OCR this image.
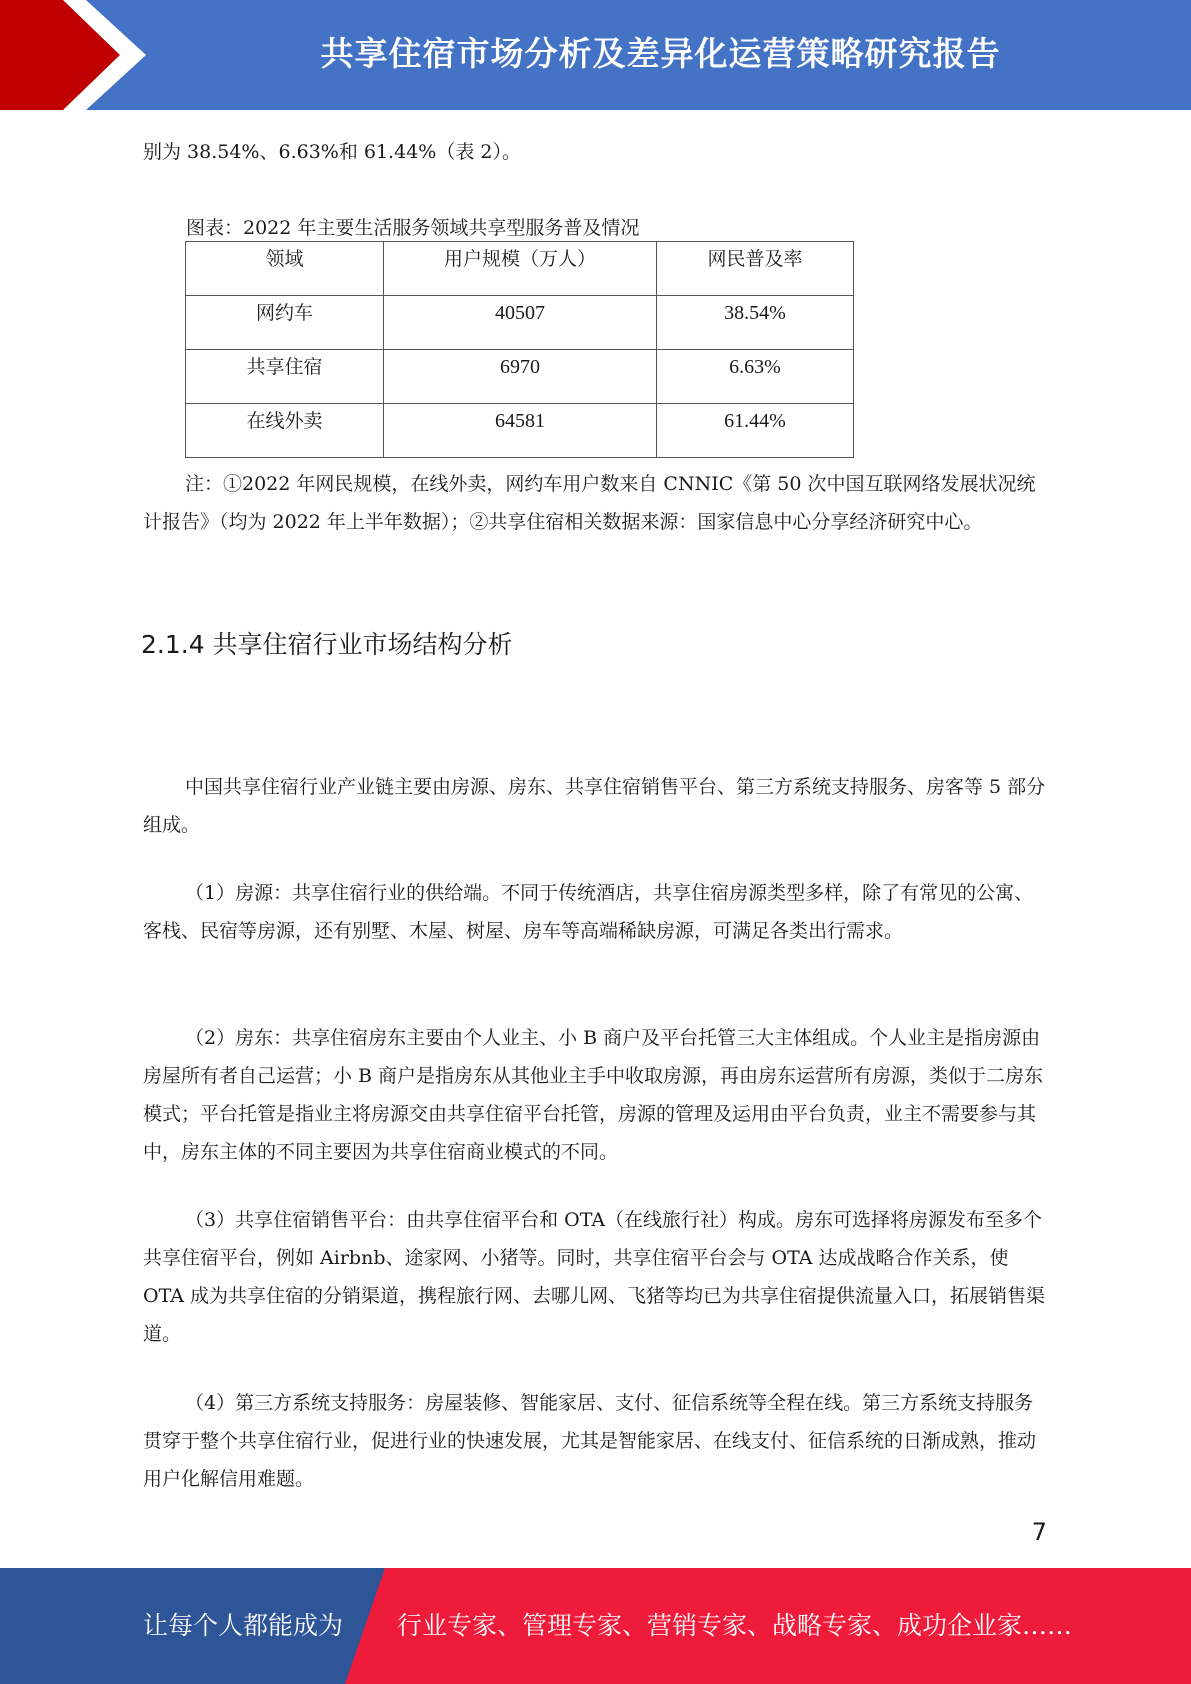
共享住宿市场分析及差异化运营策略研究报告

别为 38.54%、6.63%和 61.44%（表 2）。

图表：2022 年主要生活服务领域共享型服务普及情况
领域	用户规模（万人）	网民普及率
网约车	40507	38.54%
共享住宿	6970	6.63%
在线外卖	64581	61.44%

注：①2022 年网民规模，在线外卖，网约车用户数来自 CNNIC《第 50 次中国互联网络发展状况统计报告》（均为 2022 年上半年数据）；②共享住宿相关数据来源：国家信息中心分享经济研究中心。

2.1.4 共享住宿行业市场结构分析

中国共享住宿行业产业链主要由房源、房东、共享住宿销售平台、第三方系统支持服务、房客等 5 部分组成。

（1）房源：共享住宿行业的供给端。不同于传统酒店，共享住宿房源类型多样，除了有常见的公寓、客栈、民宿等房源，还有别墅、木屋、树屋、房车等高端稀缺房源，可满足各类出行需求。

（2）房东：共享住宿房东主要由个人业主、小 B 商户及平台托管三大主体组成。个人业主是指房源由房屋所有者自己运营；小 B 商户是指房东从其他业主手中收取房源，再由房东运营所有房源，类似于二房东模式；平台托管是指业主将房源交由共享住宿平台托管，房源的管理及运用由平台负责，业主不需要参与其中，房东主体的不同主要因为共享住宿商业模式的不同。

（3）共享住宿销售平台：由共享住宿平台和 OTA（在线旅行社）构成。房东可选择将房源发布至多个共享住宿平台，例如 Airbnb、途家网、小猪等。同时，共享住宿平台会与 OTA 达成战略合作关系，使 OTA 成为共享住宿的分销渠道，携程旅行网、去哪儿网、飞猪等均已为共享住宿提供流量入口，拓展销售渠道。

（4）第三方系统支持服务：房屋装修、智能家居、支付、征信系统等全程在线。第三方系统支持服务贯穿于整个共享住宿行业，促进行业的快速发展，尤其是智能家居、在线支付、征信系统的日渐成熟，推动用户化解信用难题。

7
让每个人都能成为 行业专家、管理专家、营销专家、战略专家、成功企业家……
